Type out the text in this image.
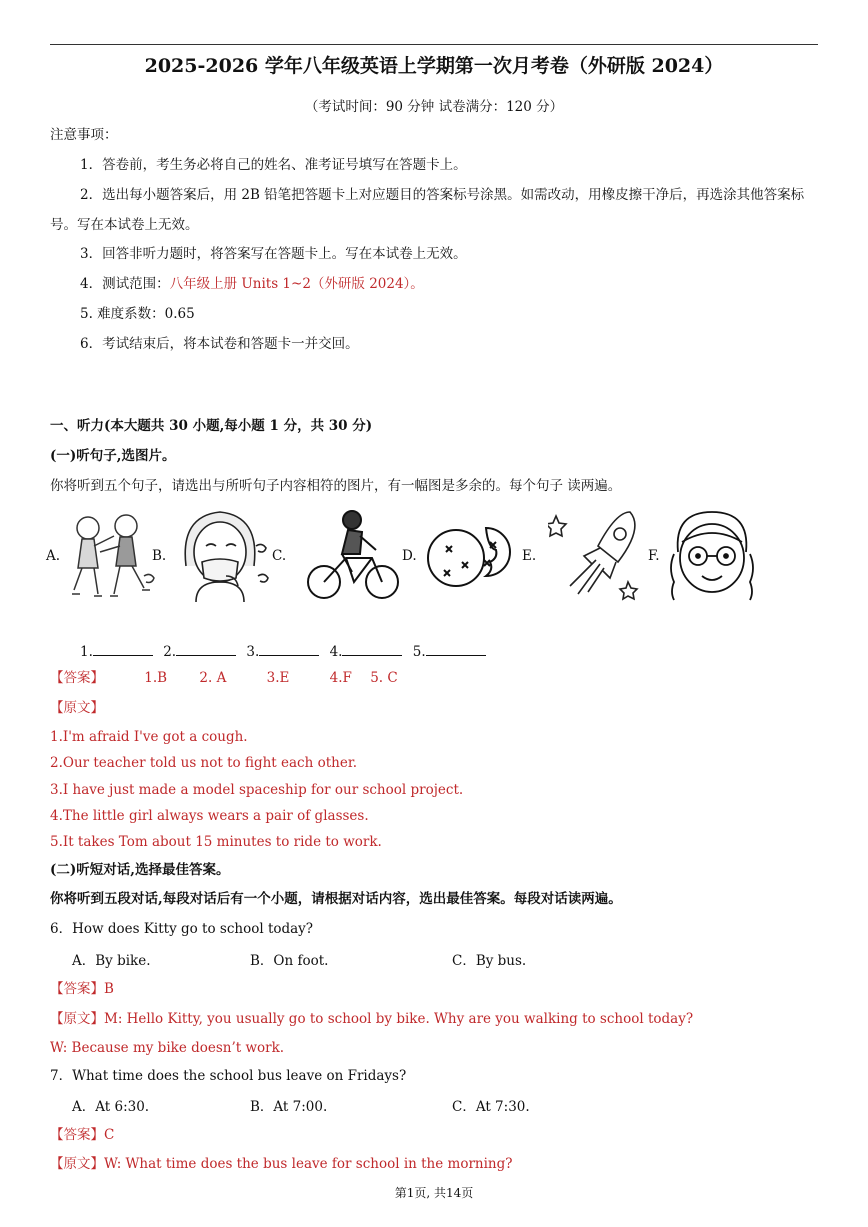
2025-2026 学年八年级英语上学期第一次月考卷（外研版 2024）
（考试时间：90 分钟 试卷满分：120 分）
注意事项：
1．答卷前，考生务必将自己的姓名、准考证号填写在答题卡上。
2．选出每小题答案后，用 2B 铅笔把答题卡上对应题目的答案标号涂黑。如需改动，用橡皮擦干净后，再选涂其他答案标号。写在本试卷上无效。
3．回答非听力题时，将答案写在答题卡上。写在本试卷上无效。
4．测试范围：八年级上册 Units 1~2（外研版 2024）。
5. 难度系数：0.65
6．考试结束后，将本试卷和答题卡一并交回。
一、听力(本大题共 30 小题,每小题 1 分，共 30 分)
(一)听句子,选图片。
你将听到五个句子，请选出与所听句子内容相符的图片，有一幅图是多余的。每个句子 读两遍。
A.	B.	C.	D.	E.	F.
1.	2.	3.	4.	5.
【答案】	1.B 2. A	3.E	4.F 5. C
【原文】
1.I'm afraid I've got a cough.
2.Our teacher told us not to fight each other.
3.I have just made a model spaceship for our school project.
4.The little girl always wears a pair of glasses.
5.It takes Tom about 15 minutes to ride to work.
(二)听短对话,选择最佳答案。
你将听到五段对话,每段对话后有一个小题，请根据对话内容，选出最佳答案。每段对话读两遍。
6．How does Kitty go to school today?
A．By bike.	B．On foot.	C．By bus.
【答案】B
【原文】M: Hello Kitty, you usually go to school by bike. Why are you walking to school today?
W: Because my bike doesn’t work.
7．What time does the school bus leave on Fridays?
A．At 6:30.	B．At 7:00.	C．At 7:30.
【答案】C
【原文】W: What time does the bus leave for school in the morning?
第1页, 共14页
